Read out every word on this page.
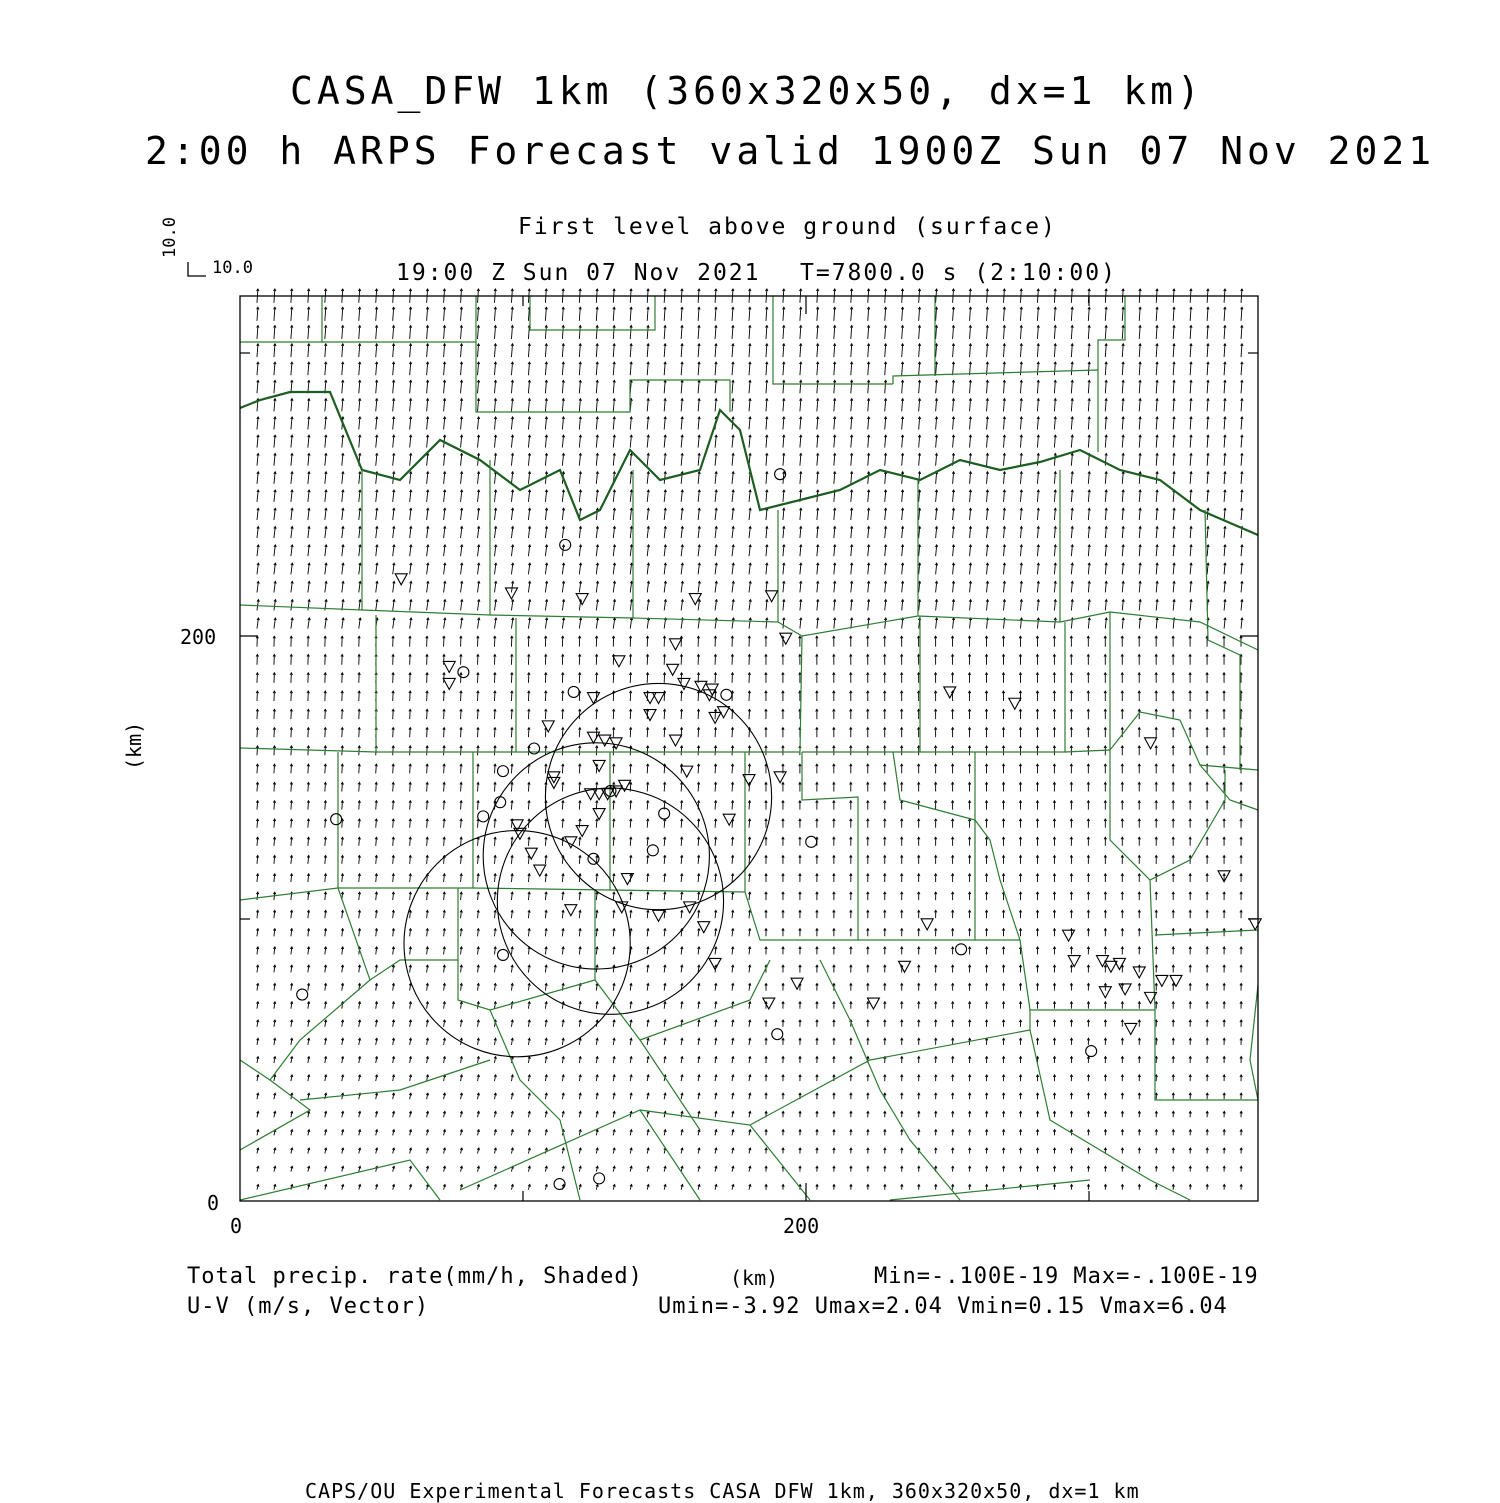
CASA_DFW 1km (360x320x50, dx=1 km)
2:00 h ARPS Forecast valid 1900Z Sun 07 Nov 2021
First level above ground (surface)
19:00 Z Sun 07 Nov 2021 T=7800.0 s (2:10:00)
10.0
10.0
200
0
0	200
(km)
(km)
Total precip. rate(mm/h, Shaded)
U-V (m/s, Vector)
Min=-.100E-19 Max=-.100E-19
Umin=-3.92 Umax=2.04 Vmin=0.15 Vmax=6.04
CAPS/OU Experimental Forecasts CASA DFW 1km, 360x320x50, dx=1 km
